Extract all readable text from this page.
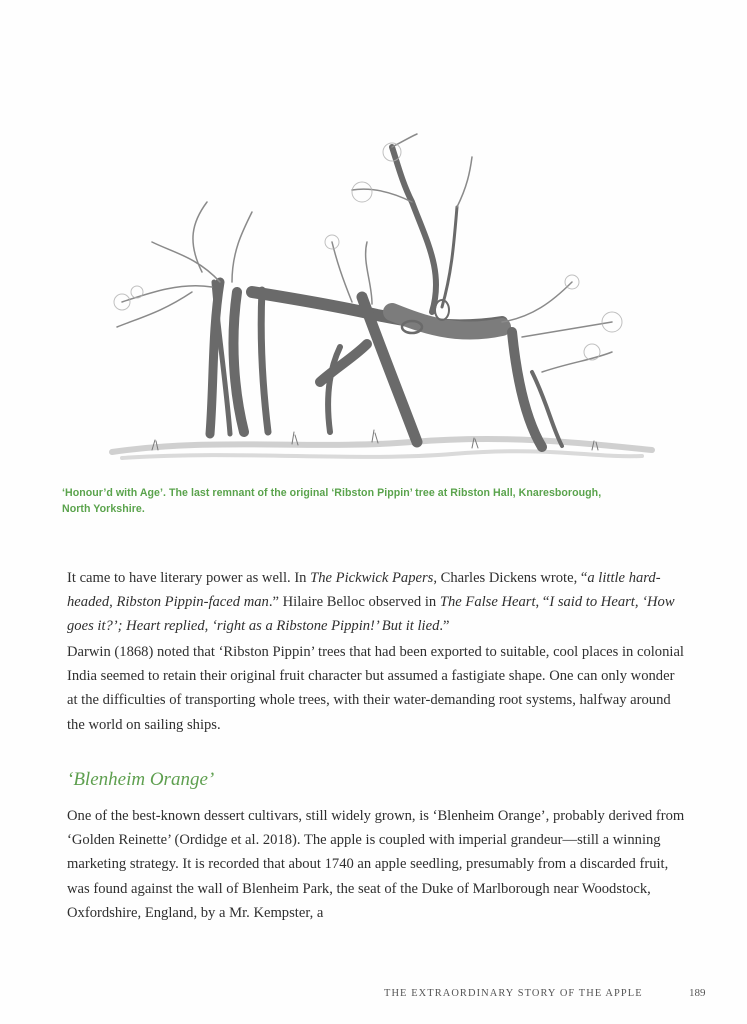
‘Honour’d with Age’. The last remnant of the original ‘Ribston Pippin’ tree at Ribston Hall, Knaresborough, North Yorkshire.

It came to have literary power as well. In The Pickwick Papers, Charles Dickens wrote, “a little hard-headed, Ribston Pippin-faced man.” Hilaire Belloc observed in The False Heart, “I said to Heart, ‘How goes it?’; Heart replied, ‘right as a Ribstone Pippin!’ But it lied.”

Darwin (1868) noted that ‘Ribston Pippin’ trees that had been exported to suitable, cool places in colonial India seemed to retain their original fruit character but assumed a fastigiate shape. One can only wonder at the difficulties of transporting whole trees, with their water-demanding root systems, halfway around the world on sailing ships.

‘Blenheim Orange’

One of the best-known dessert cultivars, still widely grown, is ‘Blenheim Orange’, probably derived from ‘Golden Reinette’ (Ordidge et al. 2018). The apple is coupled with imperial grandeur—still a winning marketing strategy. It is recorded that about 1740 an apple seedling, presumably from a discarded fruit, was found against the wall of Blenheim Park, the seat of the Duke of Marlborough near Woodstock, Oxfordshire, England, by a Mr. Kempster, a

THE EXTRAORDINARY STORY OF THE APPLE	189
